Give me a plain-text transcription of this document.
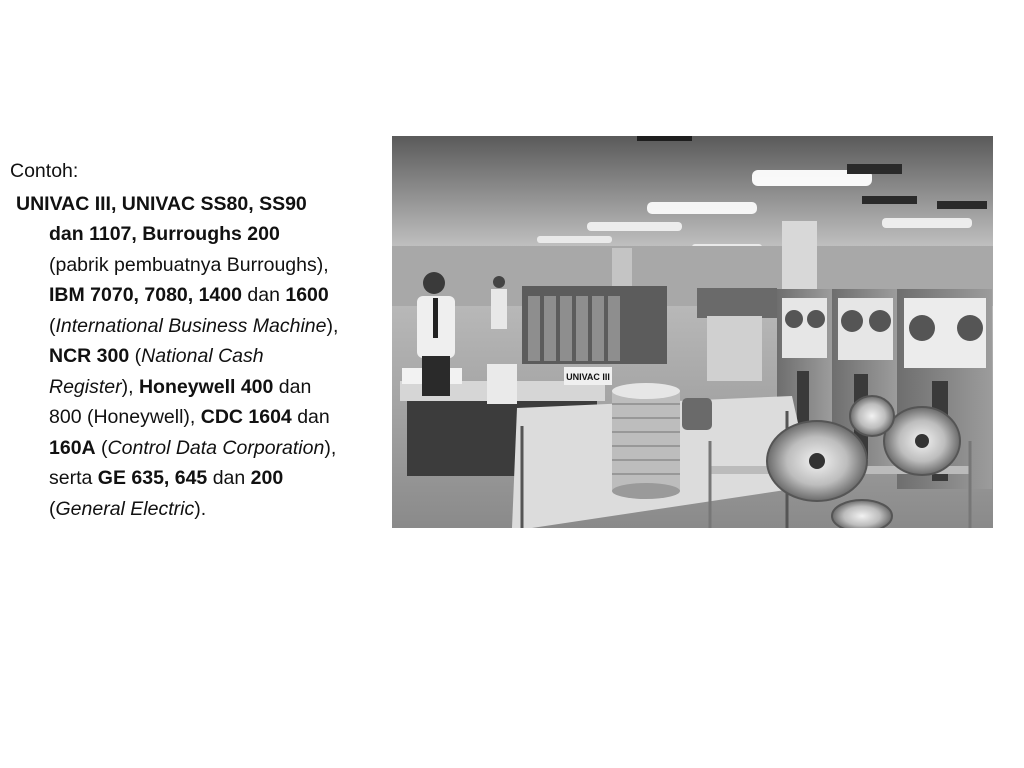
Contoh:

UNIVAC III, UNIVAC SS80, SS90 dan 1107, Burroughs 200 (pabrik pembuatnya Burroughs), IBM 7070, 7080, 1400 dan 1600 (International Business Machine), NCR 300 (National Cash Register), Honeywell 400 dan 800 (Honeywell), CDC 1604 dan 160A (Control Data Corporation), serta GE 635, 645 dan 200 (General Electric).

UNIVAC III
